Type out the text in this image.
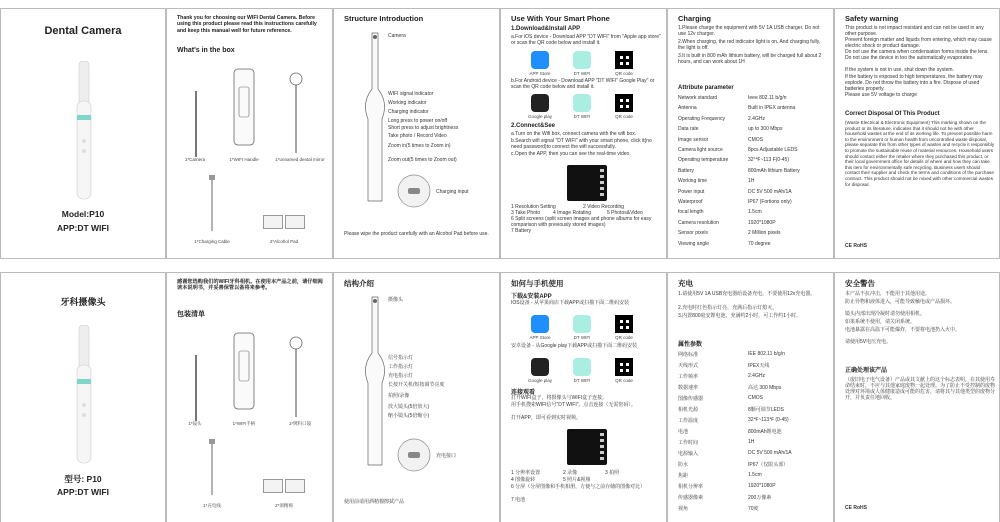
Dental Camera
Model:P10
APP:DT WIFI
Thank you for choosing our WIFI Dental Camera. Before using this product please read this instructions carefully and keep this manual well for future reference.
What's in the box
1*Camera	1*WIFI Handle	1*unnamed dental mirror
1*Charging Cable	2*Alcohol Pad
Structure Introduction
Camera
WIFI signal indicator
Working indicator
Charging indicator
Long press to power on/off
Short press to adjust brightness
Take photo / Record Video
Zoom in(5 times to Zoom in)
Zoom out(5 times to Zoom out)
Charging input
Please wipe the product carefully with an Alcohol Pad before use.
Use With Your Smart Phone
1.Download&Install APP
a.For iOS device - Download APP "DT WIFI" from "Apple app store" or scan the QR code below and install it.
APP Store	DT WIFI	QR code
b.For Android device - Download APP "DT WIFI" Google Play" or scan the QR code below and install it.
Google play	DT WIFI	QR code
2.Connect&See
a.Turn on the Wifi box, connect camera with the wifi box.
b.Search wifi signal "DT WIFI" with your smart phone, click it(no need password)to connect the wifi successfully.
c.Open the APP, then you can see the real-time video.
1 Resolution Setting	2 Video Recording
3 Take Photo	4 Image Rotating	5 Photos&Video
6 Split screens (split screen images and phone albums for easy comparison with previously stored images)
7 Battery
Charging
1.Please charge the equipment with 5V 1A USB charger. Do not use 12v charger.
2.When charging, the red indicator light is on. And charging fully, the light is off.
3.It is built in 800 mAh lithium battery, will be charged full about 2 hours, and can work about 1H
Attribute parameter
Network standard	Ieee 802.11 b/g/n
Antenna	Built in IPEX antenna
Operating Frequency	2.4GHz
Data rate	up to 300 Mbps
Image sensor	CMOS
Camera light source	8pcs Adjustable LEDS
Operating temperature	32°℉~113 F(0-45)
Battery	800mAh lithium Battery
Working time	1H
Power input	DC 5V 500 mAh/1A
Waterproof	IP67 (Fortions only)
focal length	1.5cm
Camera resolution	1920*1080P
Sensor pixels	2 Million pixels
Viewing angle	70 degree
Safety warning
This product is not impact resistant and can not be used in any other purpose.
Prevent foreign matter and liquids from entering, which may cause electric shock or product damage.
Do not use the camera when condensation forms inside the lens. Do not use the device in too the automatically evaporates.
If the system is not in use, shut down the system.
If the battery is exposed to high temperatures, the battery may explode. Do not throw the battery into a fire. Dispose of used batteries properly.
Please use 5V voltage to charge
Correct Disposal Of This Product
(Waste Electrical & Electronic Equipment) This marking shown on the product or its literature, indicates that it should not be with other household wastes at the end of its working life. To prevent possible harm to the environment or human health from uncontrolled waste disposal, please separate this from other types of wastes and recycle it responsibly to promote the sustainable reuse of material resources. Household users should contact either the retailer where they purchased this product, or their local government office for details of where and how they can take this item for environmentally safe recycling. Business users should contact their supplier and check the terms and conditions of the purchase contract. This product should not be mixed with other commercial wastes for disposal.
CE RoHS
牙科摄像头
型号: P10
APP:DT WIFI
感谢您选购我们的WIFI牙科相机。在使用本产品之前，请仔细阅读本说明书，并妥善保管以备将来参考。
包装清单
1*镜头	1*WIFI手柄	1*牌科口镜
1*充电线	2*酒精棉
结构介绍
摄像头
信号指示灯
工作指示灯
充电指示灯
长按开关机/短按调节亮度
拍照/录像
放大镜头(5倍放大)
缩小镜头(5倍缩小)
充电接口
使用前请用酒精棉擦拭产品
如何与手机使用
下载&安装APP
IOS设备 - 从苹果商店下载APP或扫描下面二维码安装
APP Store	DT WIFI	QR code
安卓设备 - 从Google play下载APP或扫描下面二维码安装
Google play	DT WIFI	QR code
连接观看
打开WIFI盒子，将摄像头与WIFI盒子连接。
用手机搜索WIFI信号“DT WIFI”，点击连接（无需密码）。
打开APP，即可看到实时视频。
1 分辨率设置	2 录像	3 拍照
4 图像旋转	5 照片&视频
6 分屏（分屏图像和手机相册，方便与之前存储的图像对比）
7 电池
充电
1.请使用5V 1A USB充电器给设备充电，不要使用12v充电器。
2.充电时红色指示灯亮，充满后指示灯熄灭。
3.内置800毫安锂电池，充满约2小时，可工作约1小时。
属性参数
网络标准	IEE 802.11 b/g/n
天线形式	IPEX天线
工作频率	2.4GHz
数据速率	高达 300 Mbps
图像传感器	CMOS
相机光源	8颗可调节LEDS
工作温度	32℉~113℉ (0-45)
电池	800mAh锂电池
工作时间	1H
电源输入	DC 5V 500 mAh/1A
防水	IP67（仅限头部）
焦距	1.5cm
相机分辨率	1920*1080P
传感器像素	200万像素
视角	70度
安全警告
本产品不抗冲击，不能用于其他用途。
防止异物和液体进入，可能导致触电或产品损坏。
镜头内部出现冷凝时请勿使用相机。
如果系统不使用，请关闭系统。
电池暴露在高温下可能爆炸，不要将电池扔入火中。
请使用5V电压充电。
正确处理该产品
（废旧电子电气设备）产品或其文献上的这个标志表明，在其使用寿命结束时，不应与其他家庭废物一起处理。为了防止不受控制的废物处理对环境或人体健康造成可能的危害，请将其与其他类型的废物分开，并负责任地回收。
CE RoHS
